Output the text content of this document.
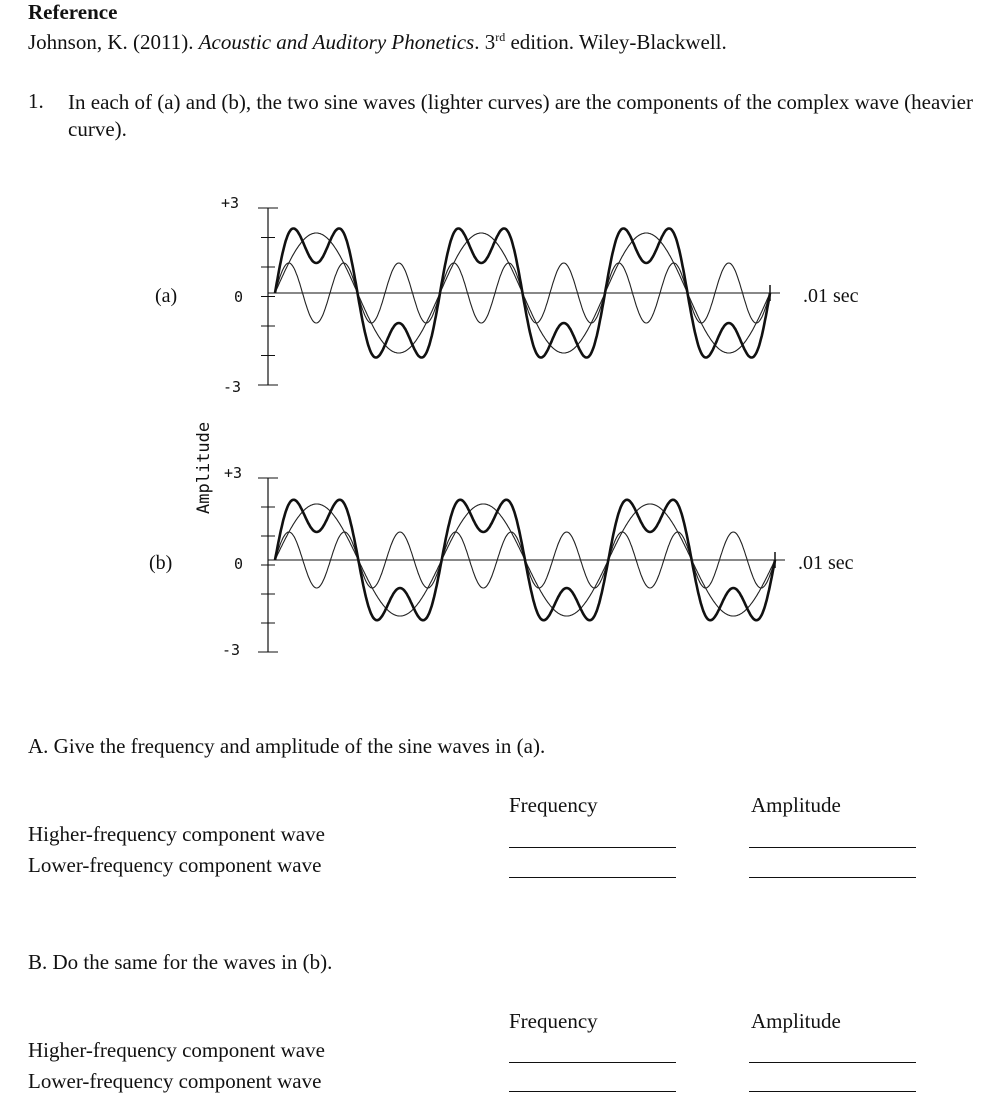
Reference
Johnson, K. (2011). Acoustic and Auditory Phonetics. 3rd edition. Wiley-Blackwell.
1. In each of (a) and (b), the two sine waves (lighter curves) are the components of the complex wave (heavier curve).
Amplitude
(a)
+3
0
-3
.01 sec
(b)
+3
0
-3
.01 sec
A. Give the frequency and amplitude of the sine waves in (a).
Frequency	Amplitude
Higher-frequency component wave
Lower-frequency component wave
B. Do the same for the waves in (b).
Frequency	Amplitude
Higher-frequency component wave
Lower-frequency component wave
